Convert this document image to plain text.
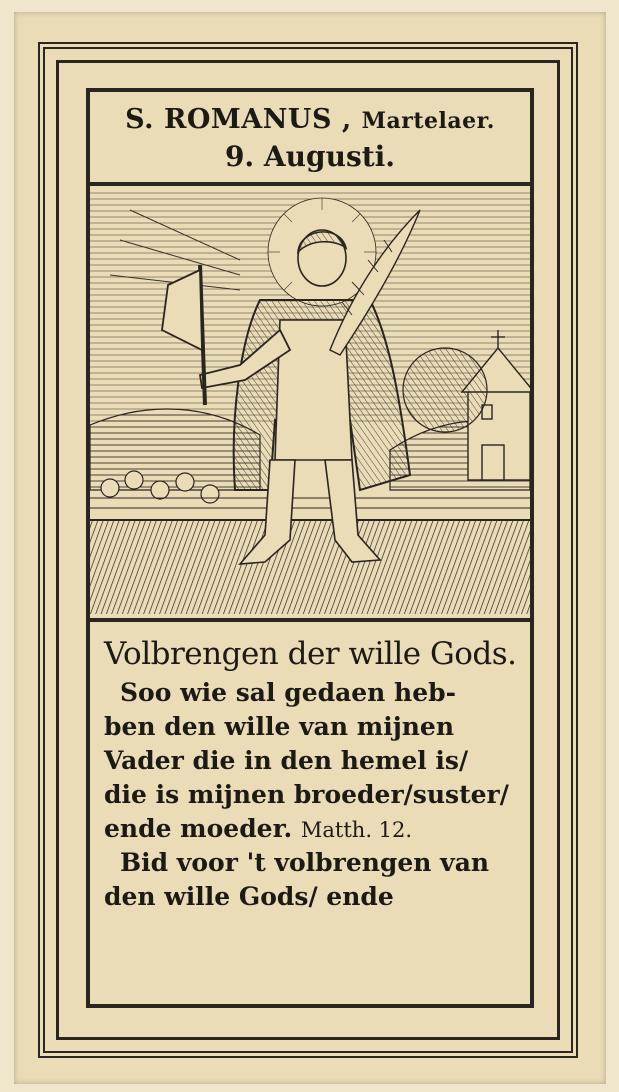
S. ROMANUS , Martelaer.
9. Augusti.
Volbrengen der wille Gods.
Soo wie sal gedaen heb-
ben den wille van mijnen
Vader die in den hemel is/
die is mijnen broeder/suster/
ende moeder. Matth. 12.
Bid voor 't volbrengen van
den wille Gods/ ende
